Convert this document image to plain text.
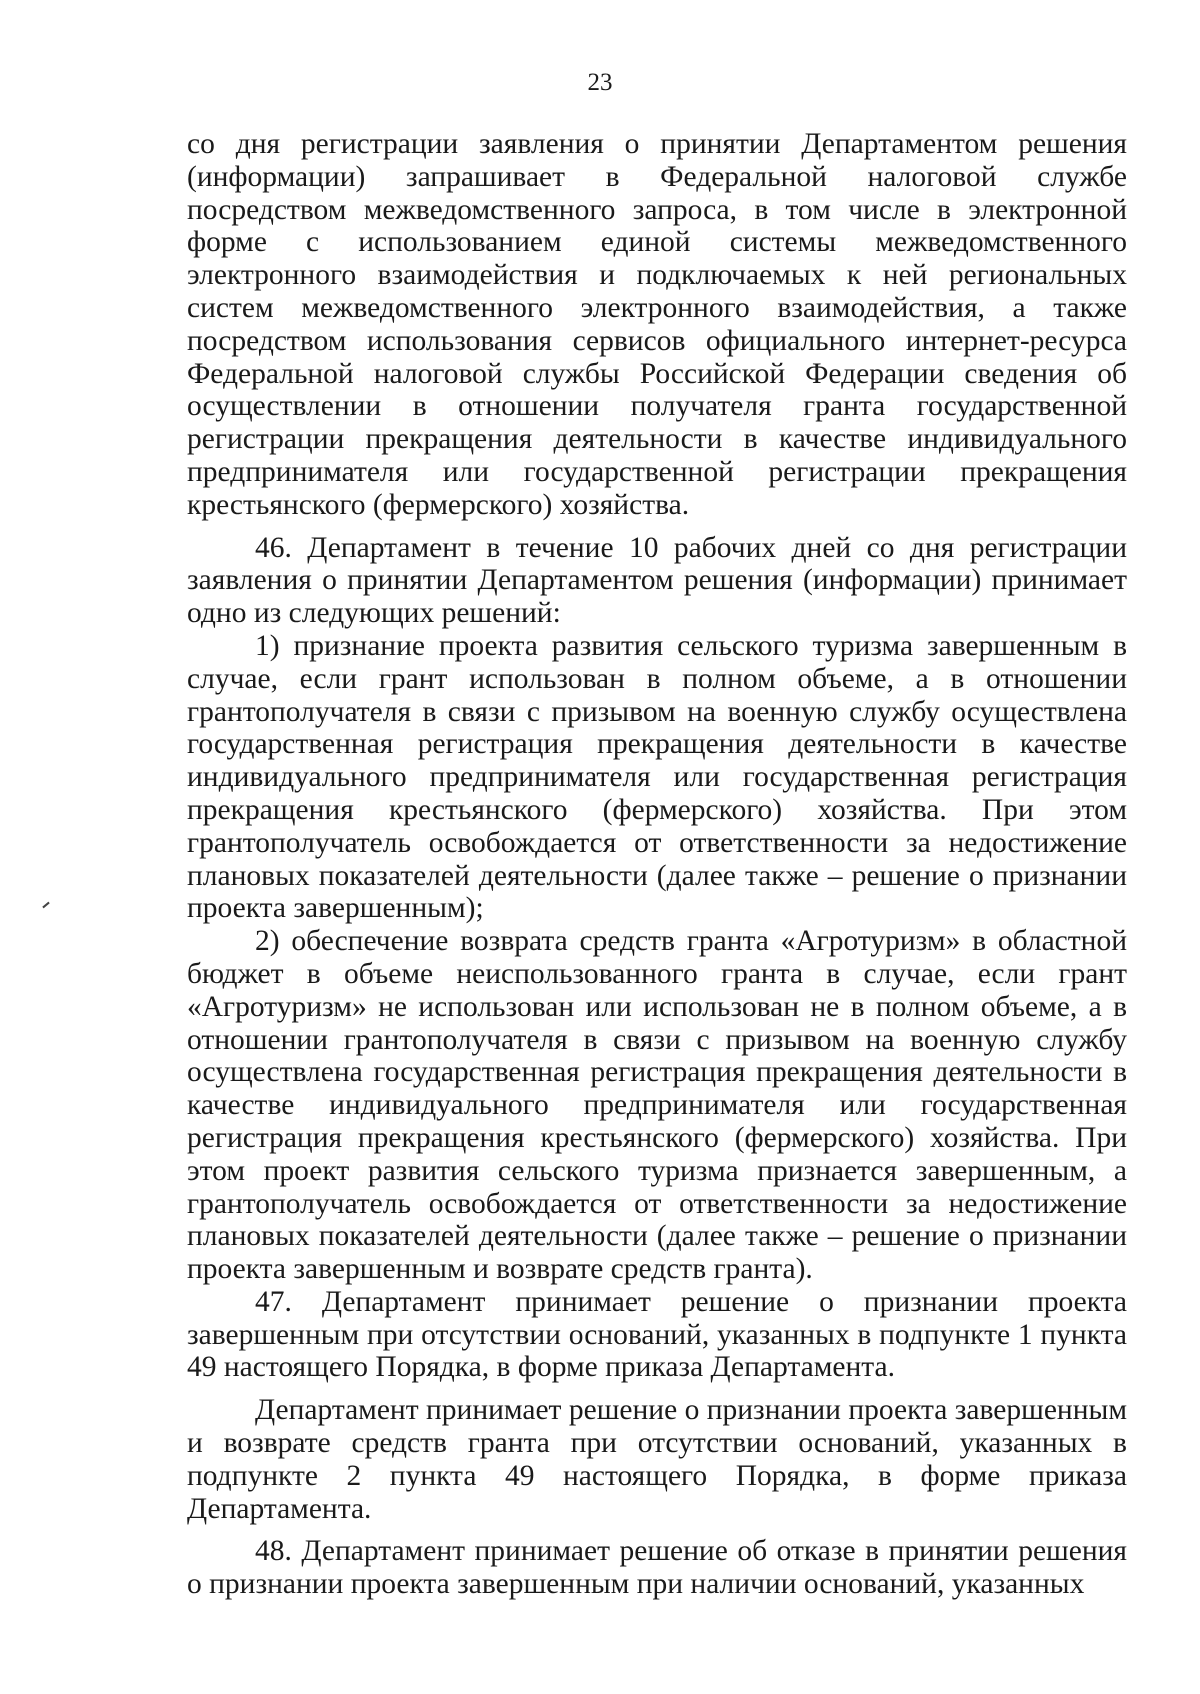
23

со дня регистрации заявления о принятии Департаментом решения (информации) запрашивает в Федеральной налоговой службе посредством межведомственного запроса, в том числе в электронной форме с использованием единой системы межведомственного электронного взаимодействия и подключаемых к ней региональных систем межведомственного электронного взаимодействия, а также посредством использования сервисов официального интернет-ресурса Федеральной налоговой службы Российской Федерации сведения об осуществлении в отношении получателя гранта государственной регистрации прекращения деятельности в качестве индивидуального предпринимателя или государственной регистрации прекращения крестьянского (фермерского) хозяйства.

46. Департамент в течение 10 рабочих дней со дня регистрации заявления о принятии Департаментом решения (информации) принимает одно из следующих решений:

1) признание проекта развития сельского туризма завершенным в случае, если грант использован в полном объеме, а в отношении грантополучателя в связи с призывом на военную службу осуществлена государственная регистрация прекращения деятельности в качестве индивидуального предпринимателя или государственная регистрация прекращения крестьянского (фермерского) хозяйства. При этом грантополучатель освобождается от ответственности за недостижение плановых показателей деятельности (далее также – решение о признании проекта завершенным);

2) обеспечение возврата средств гранта «Агротуризм» в областной бюджет в объеме неиспользованного гранта в случае, если грант «Агротуризм» не использован или использован не в полном объеме, а в отношении грантополучателя в связи с призывом на военную службу осуществлена государственная регистрация прекращения деятельности в качестве индивидуального предпринимателя или государственная регистрация прекращения крестьянского (фермерского) хозяйства. При этом проект развития сельского туризма признается завершенным, а грантополучатель освобождается от ответственности за недостижение плановых показателей деятельности (далее также – решение о признании проекта завершенным и возврате средств гранта).

47. Департамент принимает решение о признании проекта завершенным при отсутствии оснований, указанных в подпункте 1 пункта 49 настоящего Порядка, в форме приказа Департамента.

Департамент принимает решение о признании проекта завершенным и возврате средств гранта при отсутствии оснований, указанных в подпункте 2 пункта 49 настоящего Порядка, в форме приказа Департамента.

48. Департамент принимает решение об отказе в принятии решения о признании проекта завершенным при наличии оснований, указанных
